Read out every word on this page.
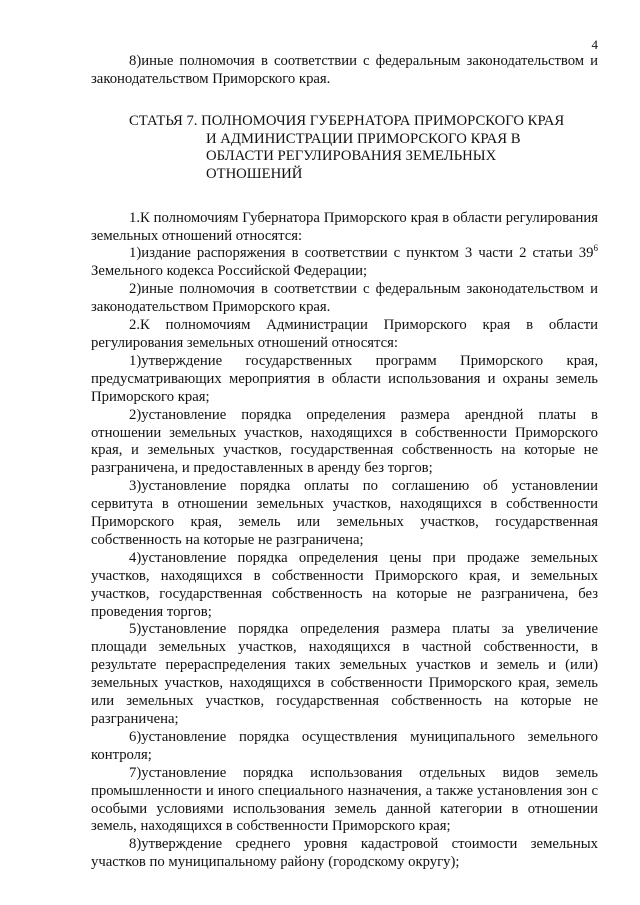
4

8)иные полномочия в соответствии с федеральным законодательством и законодательством Приморского края.

СТАТЬЯ 7. ПОЛНОМОЧИЯ ГУБЕРНАТОРА ПРИМОРСКОГО КРАЯ
И АДМИНИСТРАЦИИ ПРИМОРСКОГО КРАЯ В ОБЛАСТИ РЕГУЛИРОВАНИЯ ЗЕМЕЛЬНЫХ ОТНОШЕНИЙ

1.К полномочиям Губернатора Приморского края в области регулирования земельных отношений относятся:

1)издание распоряжения в соответствии с пунктом 3 части 2 статьи $39^6$ Земельного кодекса Российской Федерации;

2)иные полномочия в соответствии с федеральным законодательством и законодательством Приморского края.

2.К полномочиям Администрации Приморского края в области регулирования земельных отношений относятся:

1)утверждение государственных программ Приморского края, предусматривающих мероприятия в области использования и охраны земель Приморского края;

2)установление порядка определения размера арендной платы в отношении земельных участков, находящихся в собственности Приморского края, и земельных участков, государственная собственность на которые не разграничена, и предоставленных в аренду без торгов;

3)установление порядка оплаты по соглашению об установлении сервитута в отношении земельных участков, находящихся в собственности Приморского края, земель или земельных участков, государственная собственность на которые не разграничена;

4)установление порядка определения цены при продаже земельных участков, находящихся в собственности Приморского края, и земельных участков, государственная собственность на которые не разграничена, без проведения торгов;

5)установление порядка определения размера платы за увеличение площади земельных участков, находящихся в частной собственности, в результате перераспределения таких земельных участков и земель и (или) земельных участков, находящихся в собственности Приморского края, земель или земельных участков, государственная собственность на которые не разграничена;

6)установление порядка осуществления муниципального земельного контроля;

7)установление порядка использования отдельных видов земель промышленности и иного специального назначения, а также установления зон с особыми условиями использования земель данной категории в отношении земель, находящихся в собственности Приморского края;

8)утверждение среднего уровня кадастровой стоимости земельных участков по муниципальному району (городскому округу);
